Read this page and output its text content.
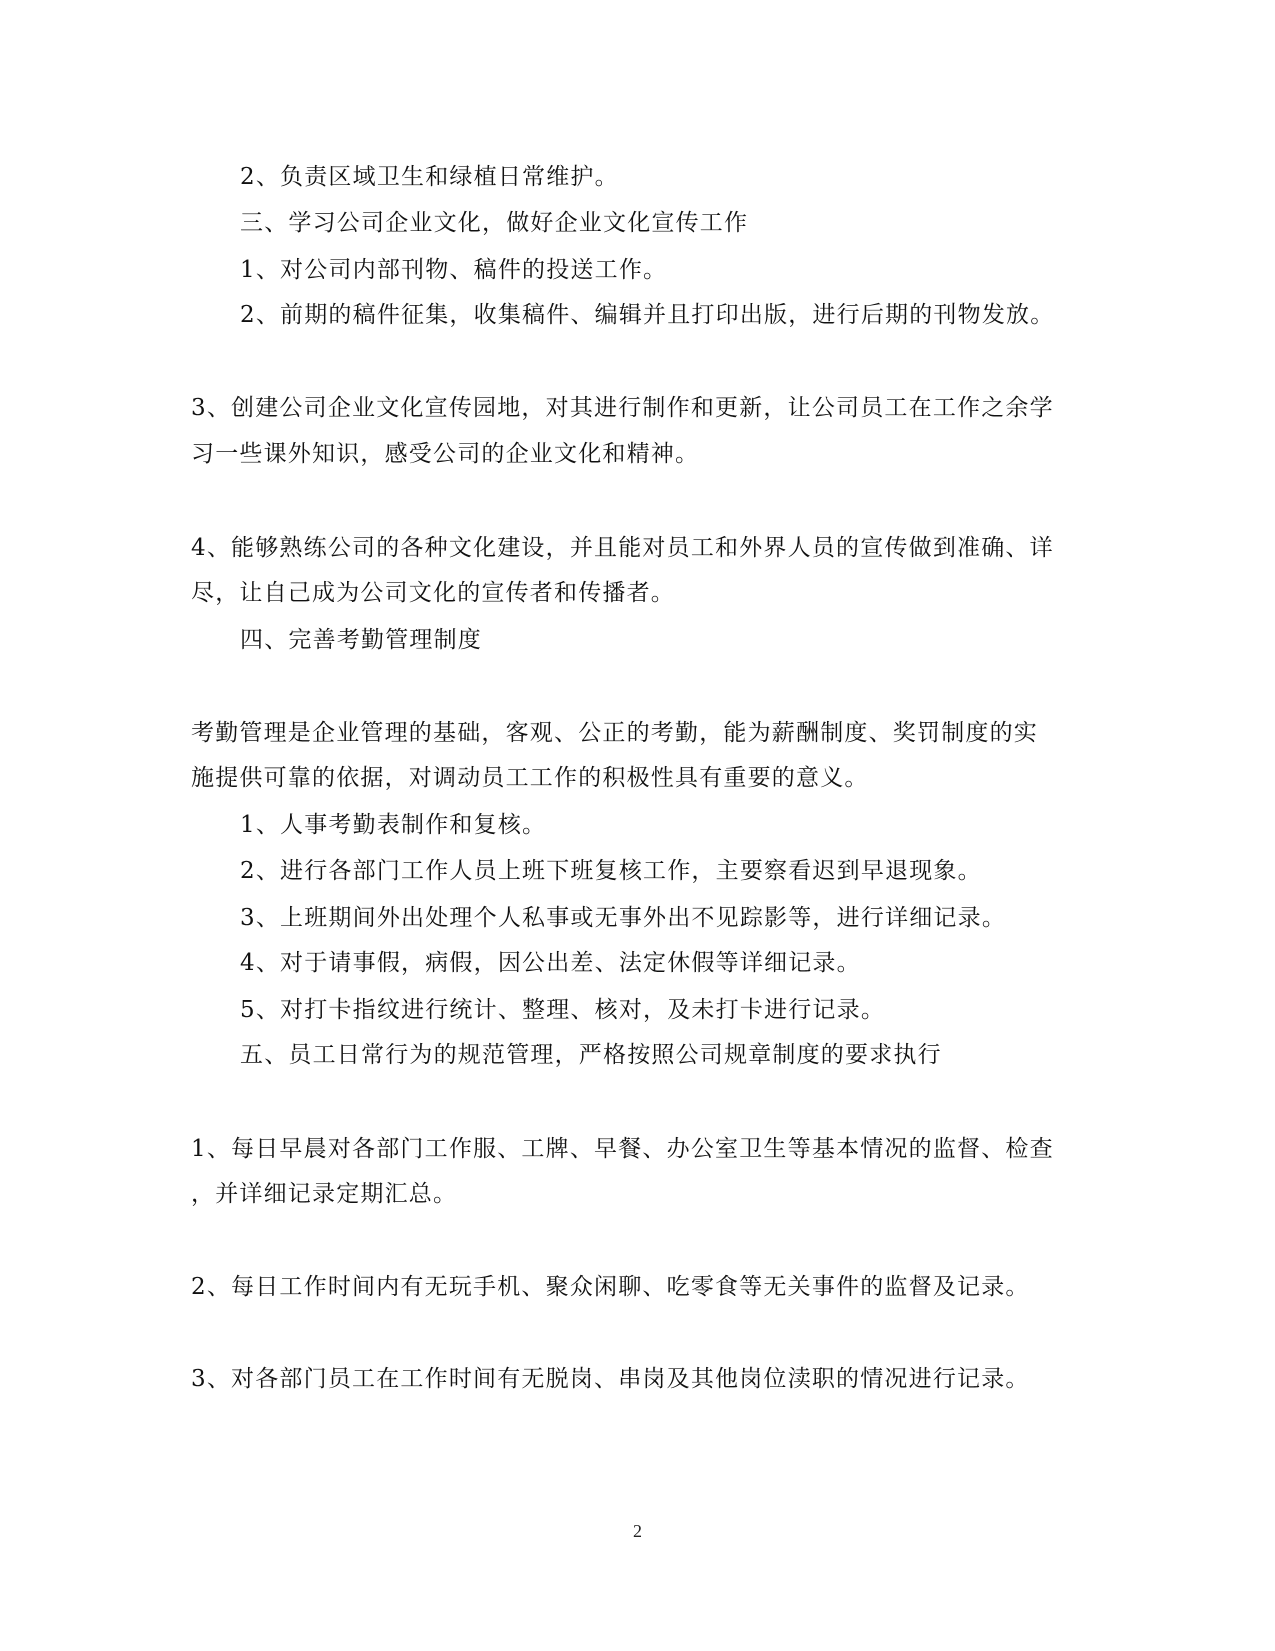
2、负责区域卫生和绿植日常维护。
三、学习公司企业文化，做好企业文化宣传工作
1、对公司内部刊物、稿件的投送工作。
2、前期的稿件征集，收集稿件、编辑并且打印出版，进行后期的刊物发放。
3、创建公司企业文化宣传园地，对其进行制作和更新，让公司员工在工作之余学
习一些课外知识，感受公司的企业文化和精神。
4、能够熟练公司的各种文化建设，并且能对员工和外界人员的宣传做到准确、详
尽，让自己成为公司文化的宣传者和传播者。
四、完善考勤管理制度
考勤管理是企业管理的基础，客观、公正的考勤，能为薪酬制度、奖罚制度的实
施提供可靠的依据，对调动员工工作的积极性具有重要的意义。
1、人事考勤表制作和复核。
2、进行各部门工作人员上班下班复核工作，主要察看迟到早退现象。
3、上班期间外出处理个人私事或无事外出不见踪影等，进行详细记录。
4、对于请事假，病假，因公出差、法定休假等详细记录。
5、对打卡指纹进行统计、整理、核对，及未打卡进行记录。
五、员工日常行为的规范管理，严格按照公司规章制度的要求执行
1、每日早晨对各部门工作服、工牌、早餐、办公室卫生等基本情况的监督、检查
，并详细记录定期汇总。
2、每日工作时间内有无玩手机、聚众闲聊、吃零食等无关事件的监督及记录。
3、对各部门员工在工作时间有无脱岗、串岗及其他岗位渎职的情况进行记录。
2
